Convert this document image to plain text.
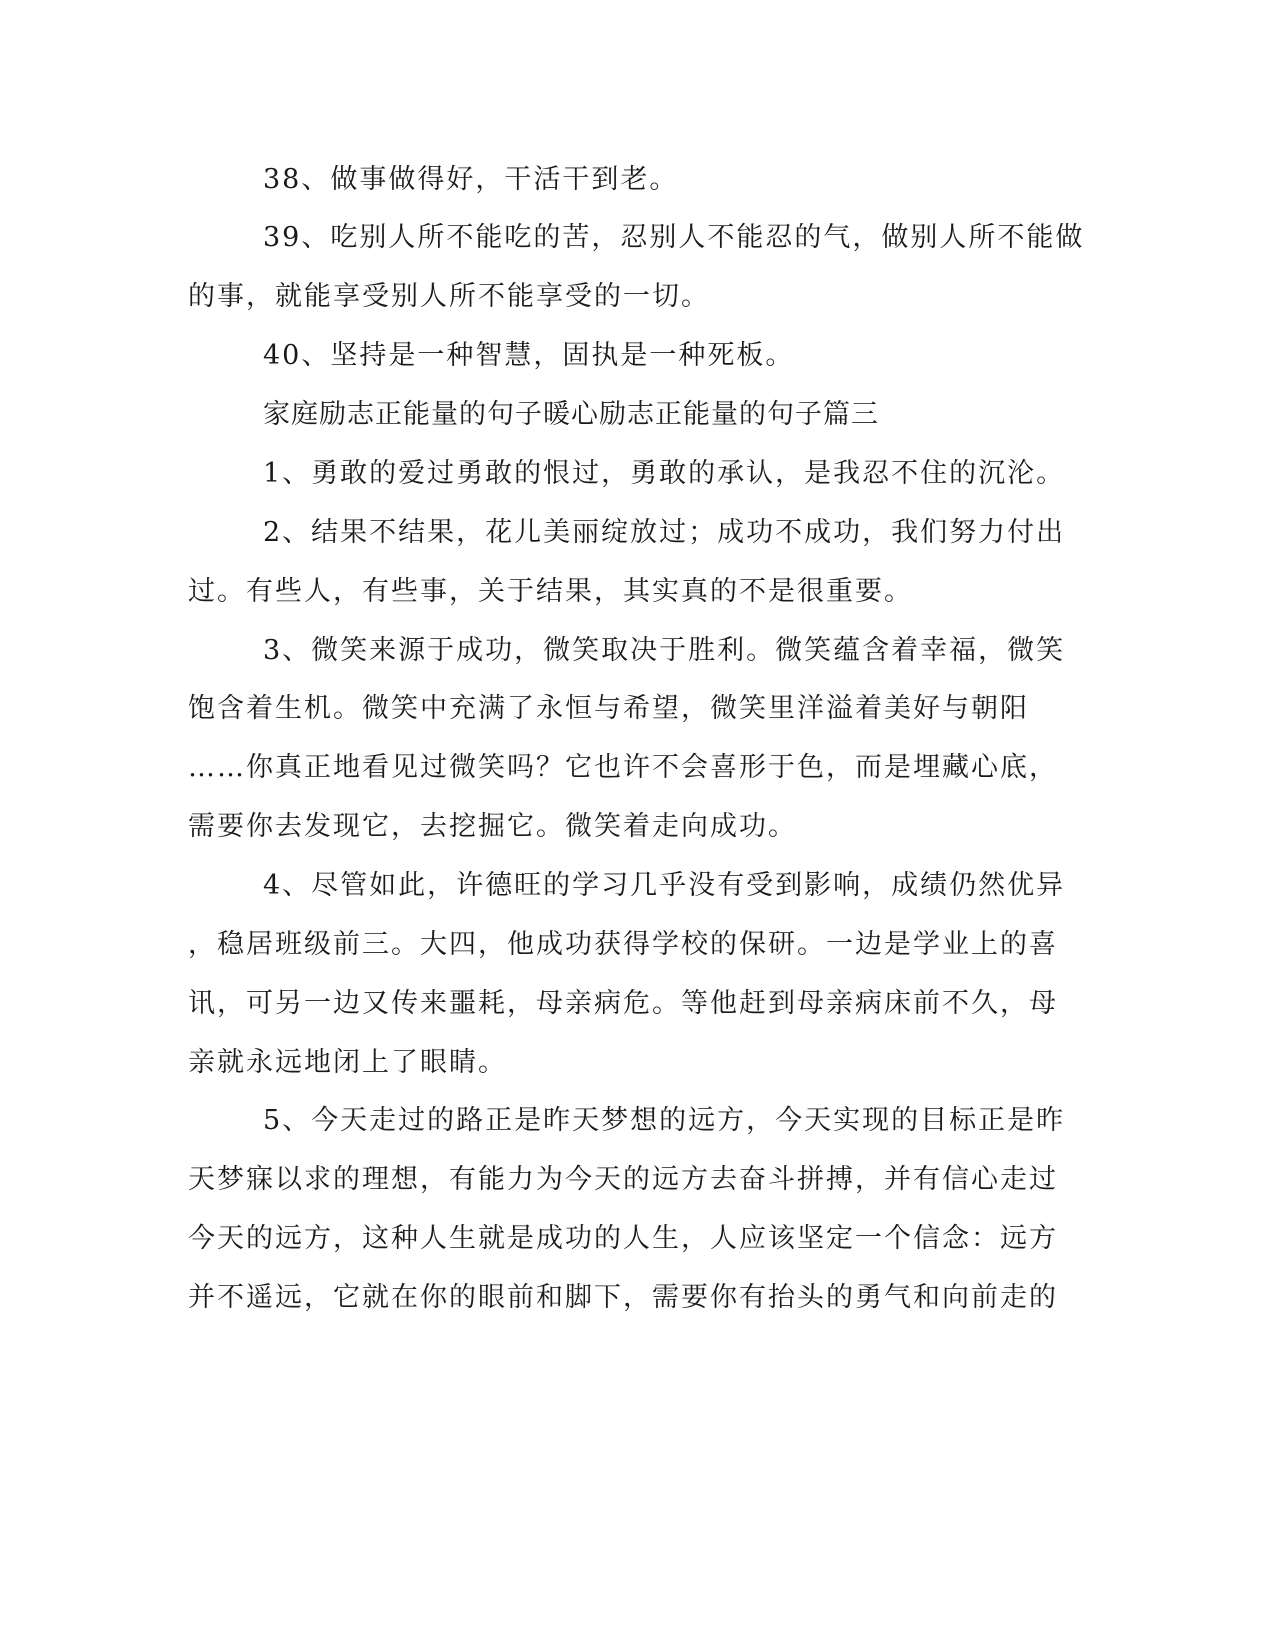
38、做事做得好，干活干到老。
39、吃别人所不能吃的苦，忍别人不能忍的气，做别人所不能做
的事，就能享受别人所不能享受的一切。
40、坚持是一种智慧，固执是一种死板。
家庭励志正能量的句子暖心励志正能量的句子篇三
1、勇敢的爱过勇敢的恨过，勇敢的承认，是我忍不住的沉沦。
2、结果不结果，花儿美丽绽放过；成功不成功，我们努力付出
过。有些人，有些事，关于结果，其实真的不是很重要。
3、微笑来源于成功，微笑取决于胜利。微笑蕴含着幸福，微笑
饱含着生机。微笑中充满了永恒与希望，微笑里洋溢着美好与朝阳
……你真正地看见过微笑吗？它也许不会喜形于色，而是埋藏心底，
需要你去发现它，去挖掘它。微笑着走向成功。
4、尽管如此，许德旺的学习几乎没有受到影响，成绩仍然优异
，稳居班级前三。大四，他成功获得学校的保研。一边是学业上的喜
讯，可另一边又传来噩耗，母亲病危。等他赶到母亲病床前不久，母
亲就永远地闭上了眼睛。
5、今天走过的路正是昨天梦想的远方，今天实现的目标正是昨
天梦寐以求的理想，有能力为今天的远方去奋斗拼搏，并有信心走过
今天的远方，这种人生就是成功的人生，人应该坚定一个信念：远方
并不遥远，它就在你的眼前和脚下，需要你有抬头的勇气和向前走的
